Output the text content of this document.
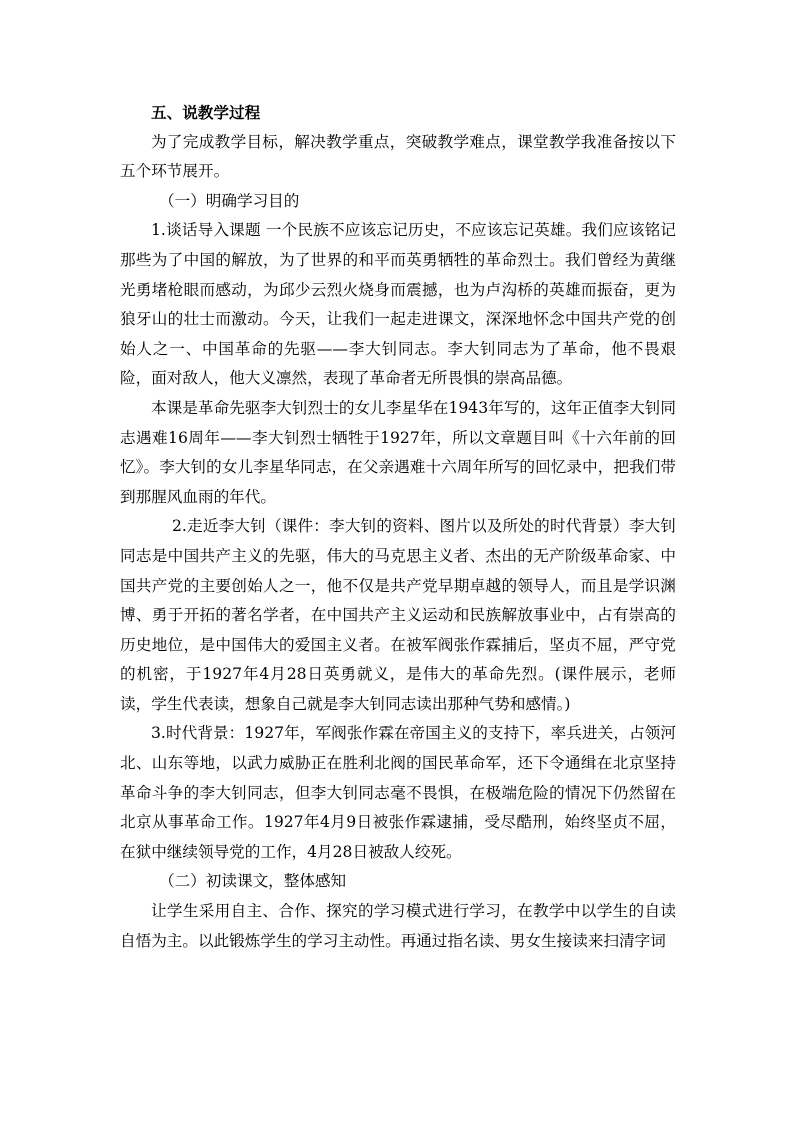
五、说教学过程

为了完成教学目标，解决教学重点，突破教学难点，课堂教学我准备按以下五个环节展开。

（一）明确学习目的

1.谈话导入课题 一个民族不应该忘记历史，不应该忘记英雄。我们应该铭记那些为了中国的解放，为了世界的和平而英勇牺牲的革命烈士。我们曾经为黄继光勇堵枪眼而感动，为邱少云烈火烧身而震撼，也为卢沟桥的英雄而振奋，更为狼牙山的壮士而激动。今天，让我们一起走进课文，深深地怀念中国共产党的创始人之一、中国革命的先驱——李大钊同志。李大钊同志为了革命，他不畏艰险，面对敌人，他大义凛然，表现了革命者无所畏惧的崇高品德。

本课是革命先驱李大钊烈士的女儿李星华在1943年写的，这年正值李大钊同志遇难16周年——李大钊烈士牺牲于1927年，所以文章题目叫《十六年前的回忆》。李大钊的女儿李星华同志，在父亲遇难十六周年所写的回忆录中，把我们带到那腥风血雨的年代。

2.走近李大钊（课件：李大钊的资料、图片以及所处的时代背景）李大钊同志是中国共产主义的先驱，伟大的马克思主义者、杰出的无产阶级革命家、中国共产党的主要创始人之一，他不仅是共产党早期卓越的领导人，而且是学识渊博、勇于开拓的著名学者，在中国共产主义运动和民族解放事业中，占有崇高的历史地位，是中国伟大的爱国主义者。在被军阀张作霖捕后，坚贞不屈，严守党的机密，于1927年4月28日英勇就义，是伟大的革命先烈。(课件展示，老师读，学生代表读，想象自己就是李大钊同志读出那种气势和感情。)

3.时代背景：1927年，军阀张作霖在帝国主义的支持下，率兵进关，占领河北、山东等地，以武力威胁正在胜利北阀的国民革命军，还下令通缉在北京坚持革命斗争的李大钊同志，但李大钊同志毫不畏惧，在极端危险的情况下仍然留在北京从事革命工作。1927年4月9日被张作霖逮捕，受尽酷刑，始终坚贞不屈，在狱中继续领导党的工作，4月28日被敌人绞死。

（二）初读课文，整体感知

让学生采用自主、合作、探究的学习模式进行学习，在教学中以学生的自读自悟为主。以此锻炼学生的学习主动性。再通过指名读、男女生接读来扫清字词
